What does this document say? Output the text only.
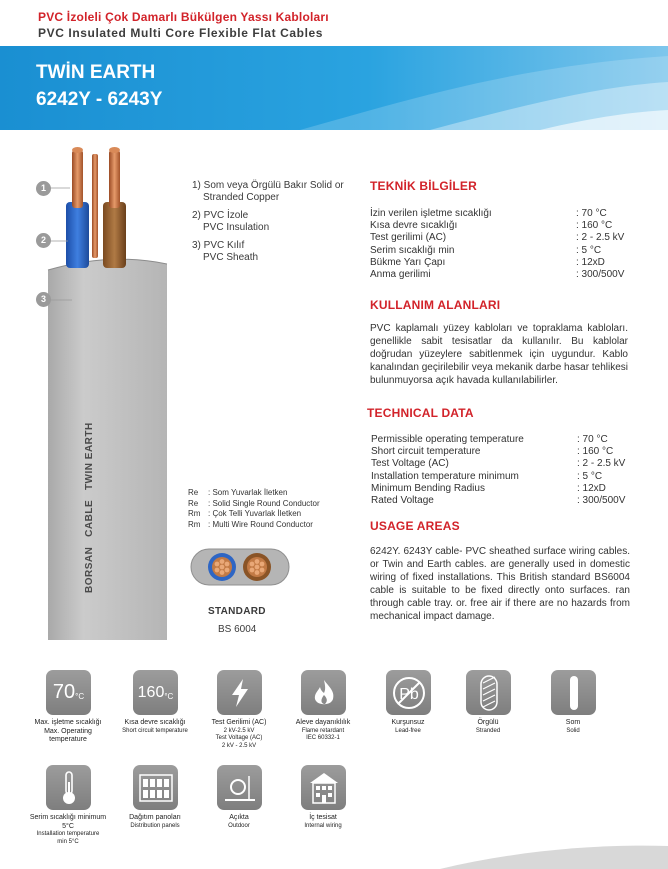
PVC İzoleli Çok Damarlı Bükülgen Yassı Kabloları
PVC Insulated Multi Core Flexible Flat Cables
TWİN EARTH
6242Y - 6243Y
1
2
3
BORSAN   CABLE   TWIN EARTH
1) Som veya Örgülü Bakır Solid or
Stranded Copper
2) PVC İzole
PVC Insulation
3) PVC Kılıf
PVC Sheath
Re	: Som Yuvarlak İletken
Re	: Solid Single Round Conductor
Rm : Çok Telli Yuvarlak İletken
Rm : Multi Wire Round Conductor
STANDARD
BS 6004
TEKNİK BİLGİLER
İzin verilen işletme sıcaklığı	: 70 °C
Kısa devre sıcaklığı	: 160 °C
Test gerilimi (AC)	: 2 - 2.5 kV
Serim sıcaklığı min	: 5 °C
Bükme Yarı Çapı	: 12xD
Anma gerilimi	: 300/500V
KULLANIM ALANLARI
PVC kaplamalı yüzey kabloları ve topraklama kabloları. genellikle sabit tesisatlar da kullanılır. Bu kablolar doğrudan yüzeylere sabitlenmek için uygundur. Kablo kanalından geçirilebilir veya mekanik darbe hasar tehlikesi bulunmuyorsa açık havada kullanılabilirler.
TECHNICAL DATA
Permissible operating temperature	: 70 °C
Short circuit temperature	: 160 °C
Test Voltage (AC)	: 2 - 2.5 kV
Installation temperature minimum	: 5 °C
Minimum Bending Radius	: 12xD
Rated Voltage	: 300/500V
USAGE AREAS
6242Y. 6243Y cable- PVC sheathed surface wiring cables. or Twin and Earth cables. are generally used in domestic wiring of fixed installations. This British standard BS6004 cable is suitable to be fixed directly onto surfaces. ran through cable tray. or. free air if there are no hazards from mechanical impact damage.
70 °C
Max. işletme sıcaklığı
Max. Operating temperature
160 °C
Kısa devre sıcaklığı
Short circuit temperature
Test Gerilimi (AC)
2 kV-2.5 kV
Test Voltage (AC)
2 kV - 2.5 kV
Aleve dayanıklılık
Flame retardant
IEC 60332-1
Pb
Kurşunsuz
Lead-free
Örgülü
Stranded
Som
Solid
Serim sıcaklığı minimum 5°C
Installation temperature
min 5°C
Dağıtım panoları
Distribution panels
Açıkta
Outdoor
İç tesisat
Internal wiring
